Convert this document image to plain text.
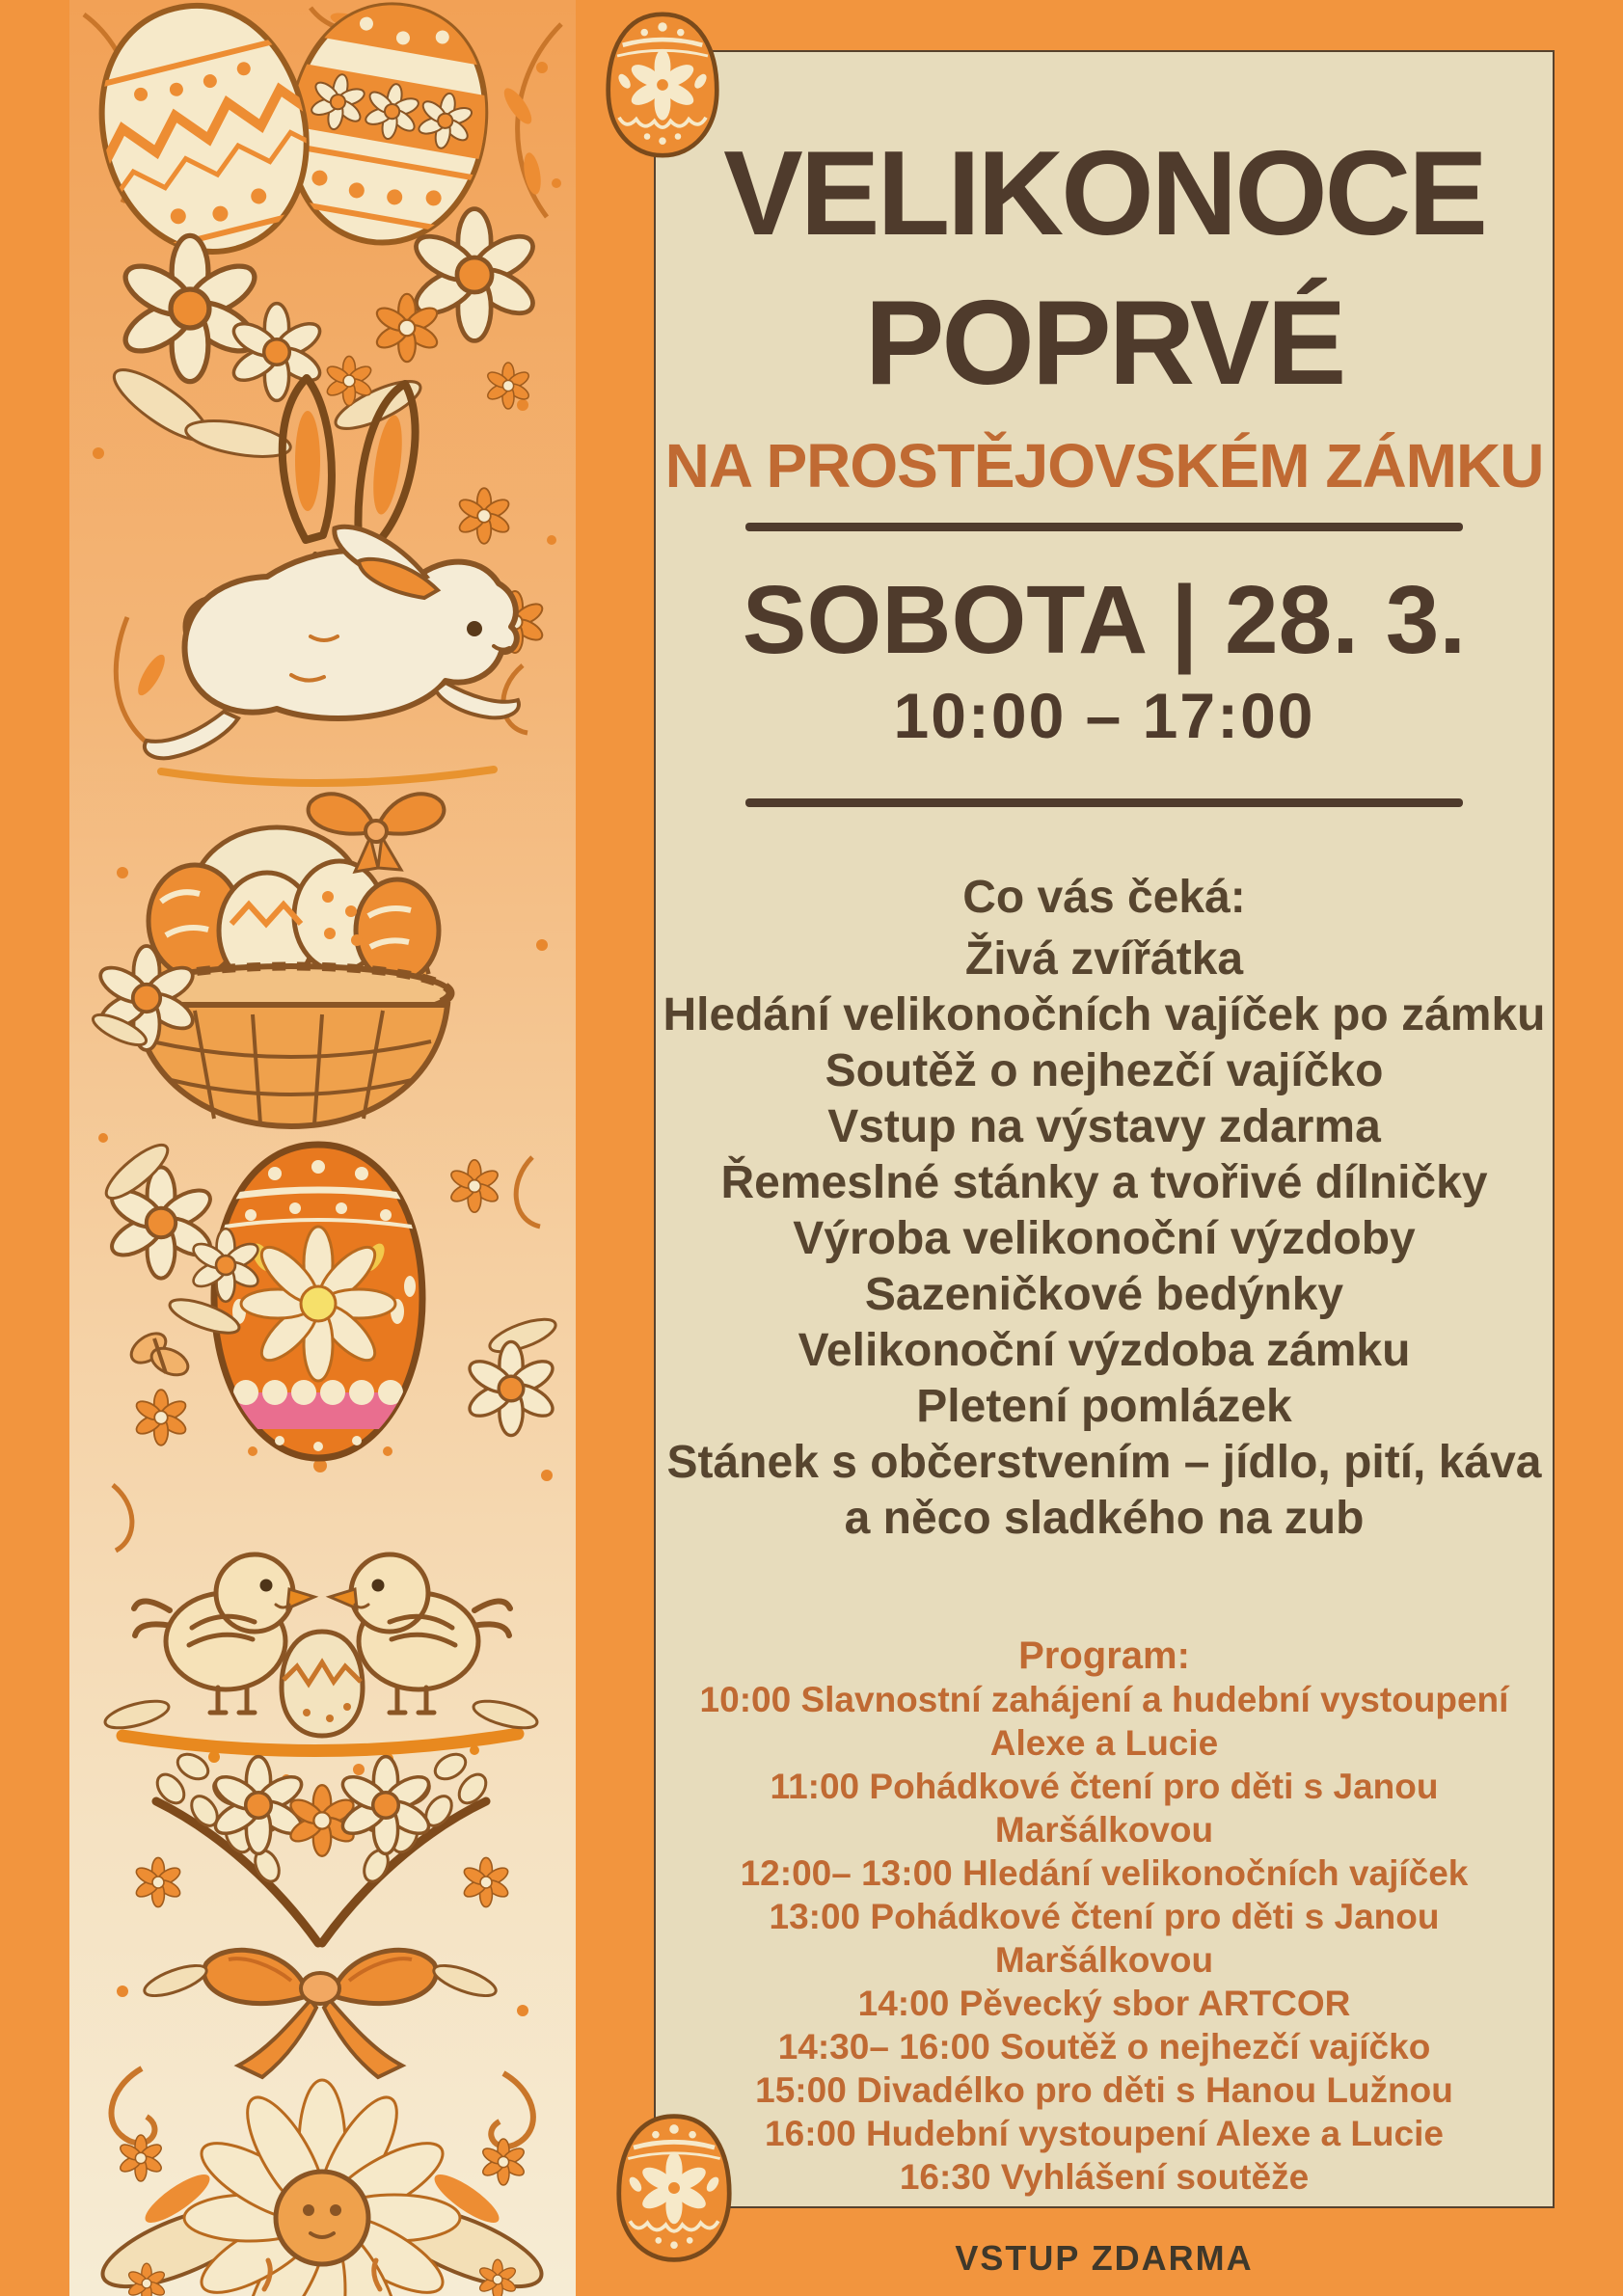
VELIKONOCE
POPRVÉ
NA PROSTĚJOVSKÉM ZÁMKU
SOBOTA | 28. 3.
10:00 – 17:00
Co vás čeká:
Živá zvířátka
Hledání velikonočních vajíček po zámku
Soutěž o nejhezčí vajíčko
Vstup na výstavy zdarma
Řemeslné stánky a tvořivé dílničky
Výroba velikonoční výzdoby
Sazeničkové bedýnky
Velikonoční výzdoba zámku
Pletení pomlázek
Stánek s občerstvením – jídlo, pití, káva a něco sladkého na zub
Program:
10:00 Slavnostní zahájení a hudební vystoupení Alexe a Lucie
11:00 Pohádkové čtení pro děti s Janou Maršálkovou
12:00– 13:00 Hledání velikonočních vajíček
13:00 Pohádkové čtení pro děti s Janou Maršálkovou
14:00 Pěvecký sbor ARTCOR
14:30– 16:00 Soutěž o nejhezčí vajíčko
15:00 Divadélko pro děti s Hanou Lužnou
16:00 Hudební vystoupení Alexe a Lucie
16:30 Vyhlášení soutěže
VSTUP ZDARMA
